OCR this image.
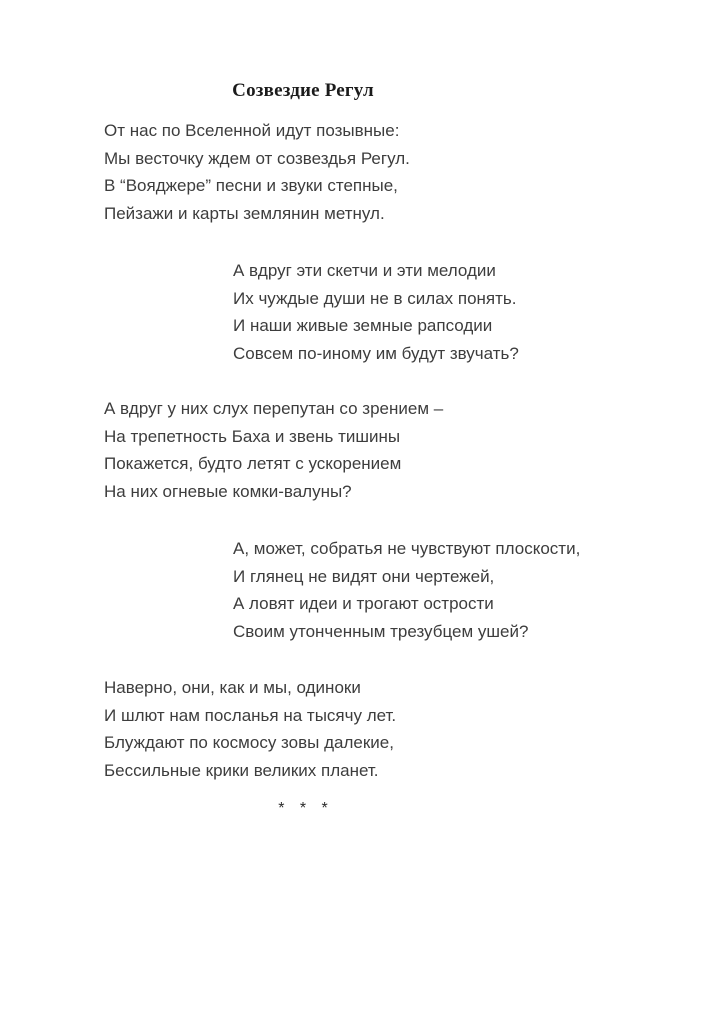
Созвездие Регул
От нас по Вселенной идут позывные:
Мы весточку ждем от созвездья Регул.
В “Вояджере” песни и звуки степные,
Пейзажи и карты землянин метнул.
А вдруг эти скетчи и эти мелодии
Их чуждые души не в силах понять.
И наши живые земные рапсодии
Совсем по-иному им будут звучать?
А вдруг у них слух перепутан со зрением –
На трепетность Баха и звень тишины
Покажется, будто летят с ускорением
На них огневые комки-валуны?
А, может, собратья не чувствуют плоскости,
И глянец не видят они чертежей,
А ловят идеи и трогают острости
Своим утонченным трезубцем ушей?
Наверно, они, как и мы, одиноки
И шлют нам посланья на тысячу лет.
Блуждают по космосу зовы далекие,
Бессильные крики великих планет.
* * *
